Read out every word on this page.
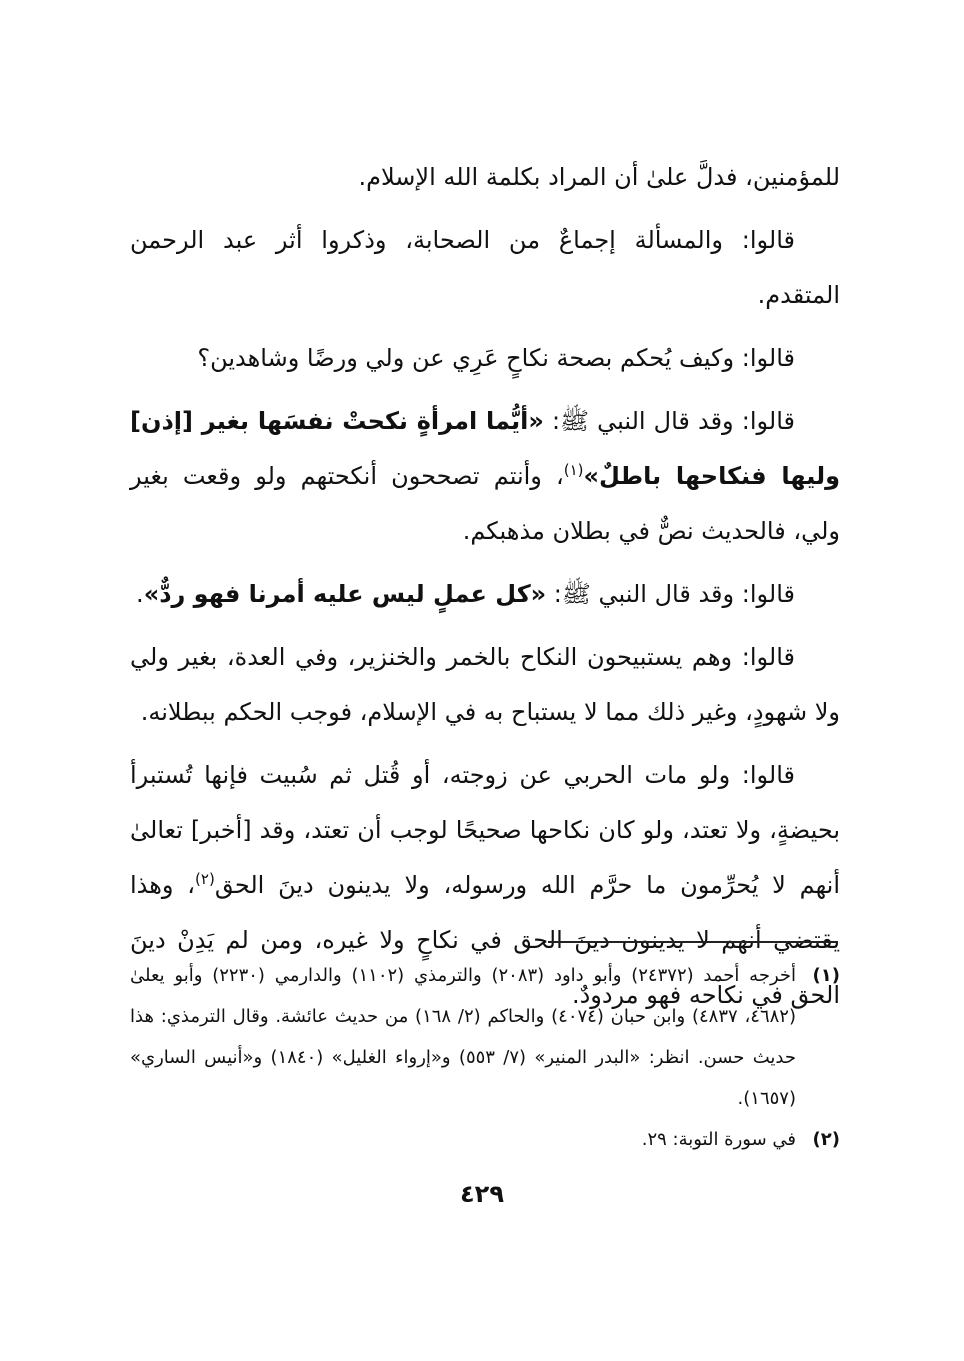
للمؤمنين، فدلَّ علىٰ أن المراد بكلمة الله الإسلام.

قالوا: والمسألة إجماعٌ من الصحابة، وذكروا أثر عبد الرحمن المتقدم.

قالوا: وكيف يُحكم بصحة نكاحٍ عَرِي عن ولي ورضًا وشاهدين؟

قالوا: وقد قال النبي ﷺ: «أيُّما امرأةٍ نكحتْ نفسَها بغير [إذن] وليها فنكاحها باطلٌ»$^{(١)}$، وأنتم تصححون أنكحتهم ولو وقعت بغير ولي، فالحديث نصٌّ في بطلان مذهبكم.

قالوا: وقد قال النبي ﷺ: «كل عملٍ ليس عليه أمرنا فهو ردٌّ».

قالوا: وهم يستبيحون النكاح بالخمر والخنزير، وفي العدة، بغير ولي ولا شهودٍ، وغير ذلك مما لا يستباح به في الإسلام، فوجب الحكم ببطلانه.

قالوا: ولو مات الحربي عن زوجته، أو قُتل ثم سُبيت فإنها تُستبرأ بحيضةٍ، ولا تعتد، ولو كان نكاحها صحيحًا لوجب أن تعتد، وقد [أخبر] تعالىٰ أنهم لا يُحرِّمون ما حرَّم الله ورسوله، ولا يدينون دينَ الحق$^{(٢)}$، وهذا يقتضي أنهم لا يدينون دينَ الحق في نكاحٍ ولا غيره، ومن لم يَدِنْ دينَ الحق في نكاحه فهو مردودٌ.

(١)
أخرجه أحمد (٢٤٣٧٢) وأبو داود (٢٠٨٣) والترمذي (١١٠٢) والدارمي (٢٢٣٠) وأبو يعلىٰ (٤٦٨٢، ٤٨٣٧) وابن حبان (٤٠٧٤) والحاكم (٢/ ١٦٨) من حديث عائشة. وقال الترمذي: هذا حديث حسن. انظر: «البدر المنير» (٧/ ٥٥٣) و«إرواء الغليل» (١٨٤٠) و«أنيس الساري» (١٦٥٧).
(٢)
في سورة التوبة: ٢٩.
٤٢٩
